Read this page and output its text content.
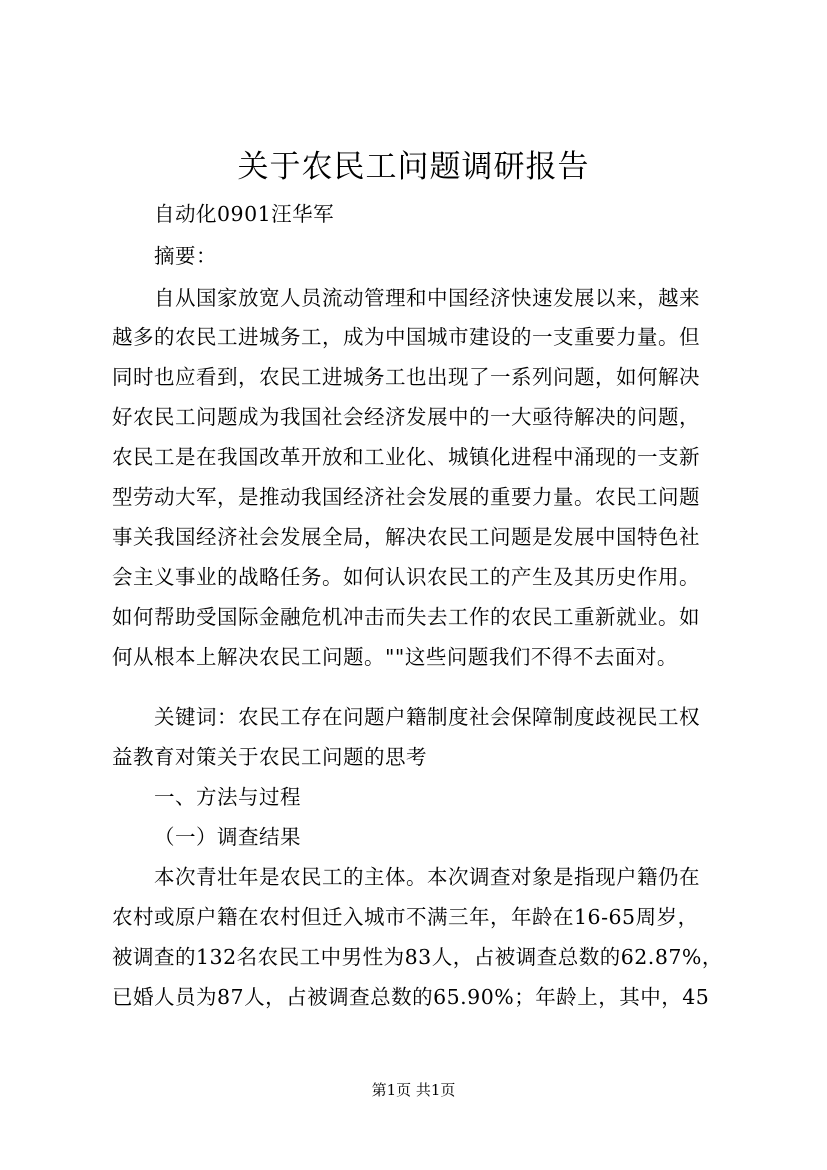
关于农民工问题调研报告
自动化0901汪华军
摘要：
自从国家放宽人员流动管理和中国经济快速发展以来，越来
越多的农民工进城务工，成为中国城市建设的一支重要力量。但
同时也应看到，农民工进城务工也出现了一系列问题，如何解决
好农民工问题成为我国社会经济发展中的一大亟待解决的问题，
农民工是在我国改革开放和工业化、城镇化进程中涌现的一支新
型劳动大军，是推动我国经济社会发展的重要力量。农民工问题
事关我国经济社会发展全局，解决农民工问题是发展中国特色社
会主义事业的战略任务。如何认识农民工的产生及其历史作用。
如何帮助受国际金融危机冲击而失去工作的农民工重新就业。如
何从根本上解决农民工问题。""这些问题我们不得不去面对。
关键词：农民工存在问题户籍制度社会保障制度歧视民工权
益教育对策关于农民工问题的思考
一、方法与过程
（一）调查结果
本次青壮年是农民工的主体。本次调查对象是指现户籍仍在
农村或原户籍在农村但迁入城市不满三年，年龄在16-65周岁，
被调查的132名农民工中男性为83人，占被调查总数的62.87%，
已婚人员为87人，占被调查总数的65.90%；年龄上，其中，45
第1页 共1页
